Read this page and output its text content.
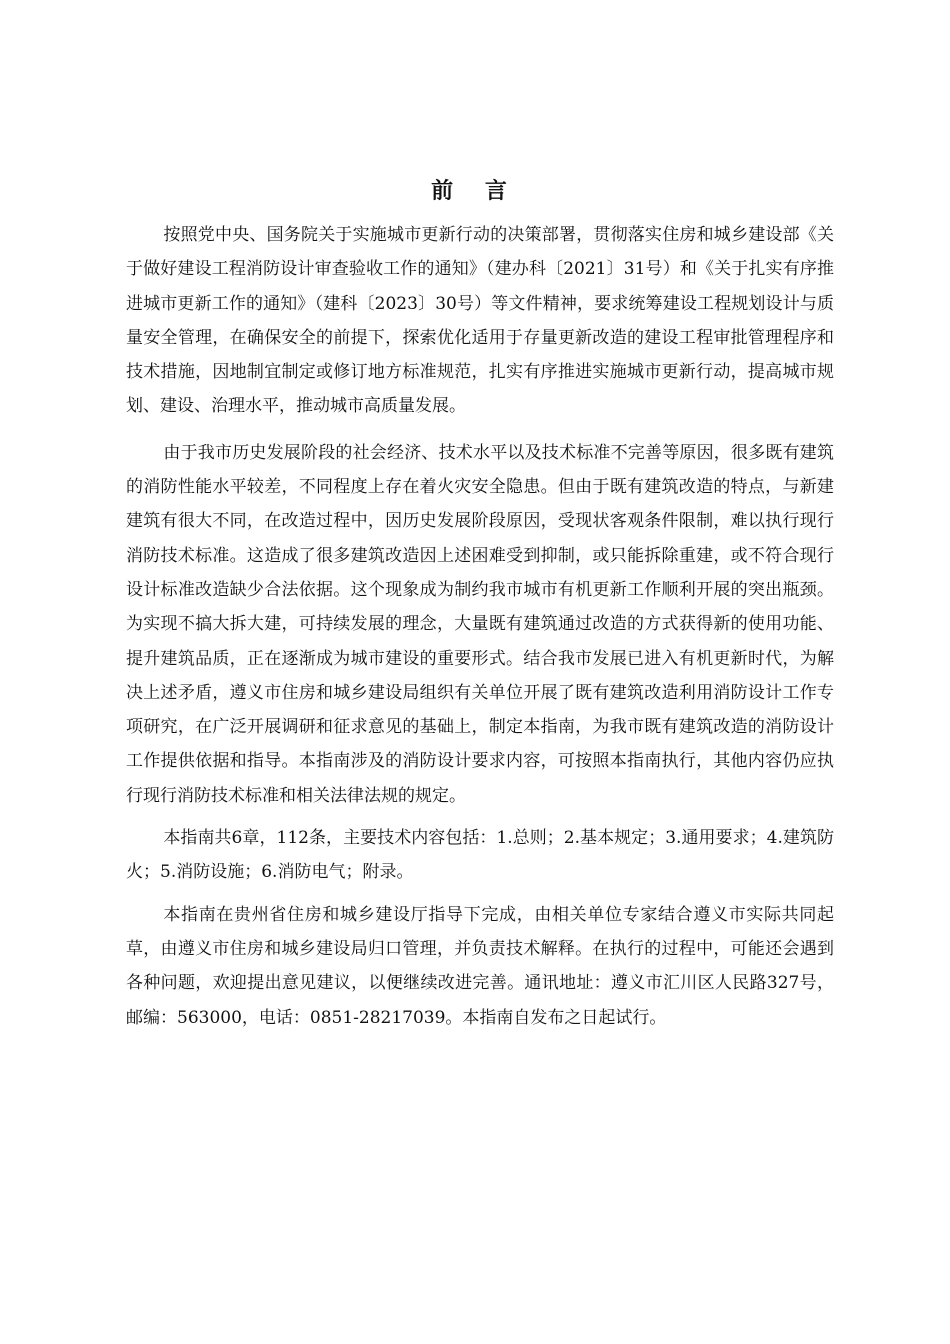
前 言

按照党中央、国务院关于实施城市更新行动的决策部署，贯彻落实住房和城乡建设部《关于做好建设工程消防设计审查验收工作的通知》（建办科〔2021〕31号）和《关于扎实有序推进城市更新工作的通知》（建科〔2023〕30号）等文件精神，要求统筹建设工程规划设计与质量安全管理，在确保安全的前提下，探索优化适用于存量更新改造的建设工程审批管理程序和技术措施，因地制宜制定或修订地方标准规范，扎实有序推进实施城市更新行动，提高城市规划、建设、治理水平，推动城市高质量发展。

由于我市历史发展阶段的社会经济、技术水平以及技术标准不完善等原因，很多既有建筑的消防性能水平较差，不同程度上存在着火灾安全隐患。但由于既有建筑改造的特点，与新建建筑有很大不同，在改造过程中，因历史发展阶段原因，受现状客观条件限制，难以执行现行消防技术标准。这造成了很多建筑改造因上述困难受到抑制，或只能拆除重建，或不符合现行设计标准改造缺少合法依据。这个现象成为制约我市城市有机更新工作顺利开展的突出瓶颈。为实现不搞大拆大建，可持续发展的理念，大量既有建筑通过改造的方式获得新的使用功能、提升建筑品质，正在逐渐成为城市建设的重要形式。结合我市发展已进入有机更新时代，为解决上述矛盾，遵义市住房和城乡建设局组织有关单位开展了既有建筑改造利用消防设计工作专项研究，在广泛开展调研和征求意见的基础上，制定本指南，为我市既有建筑改造的消防设计工作提供依据和指导。本指南涉及的消防设计要求内容，可按照本指南执行，其他内容仍应执行现行消防技术标准和相关法律法规的规定。

本指南共6章，112条，主要技术内容包括：1.总则；2.基本规定；3.通用要求；4.建筑防火；5.消防设施；6.消防电气；附录。

本指南在贵州省住房和城乡建设厅指导下完成，由相关单位专家结合遵义市实际共同起草，由遵义市住房和城乡建设局归口管理，并负责技术解释。在执行的过程中，可能还会遇到各种问题，欢迎提出意见建议，以便继续改进完善。通讯地址：遵义市汇川区人民路327号，邮编：563000，电话：0851-28217039。本指南自发布之日起试行。
